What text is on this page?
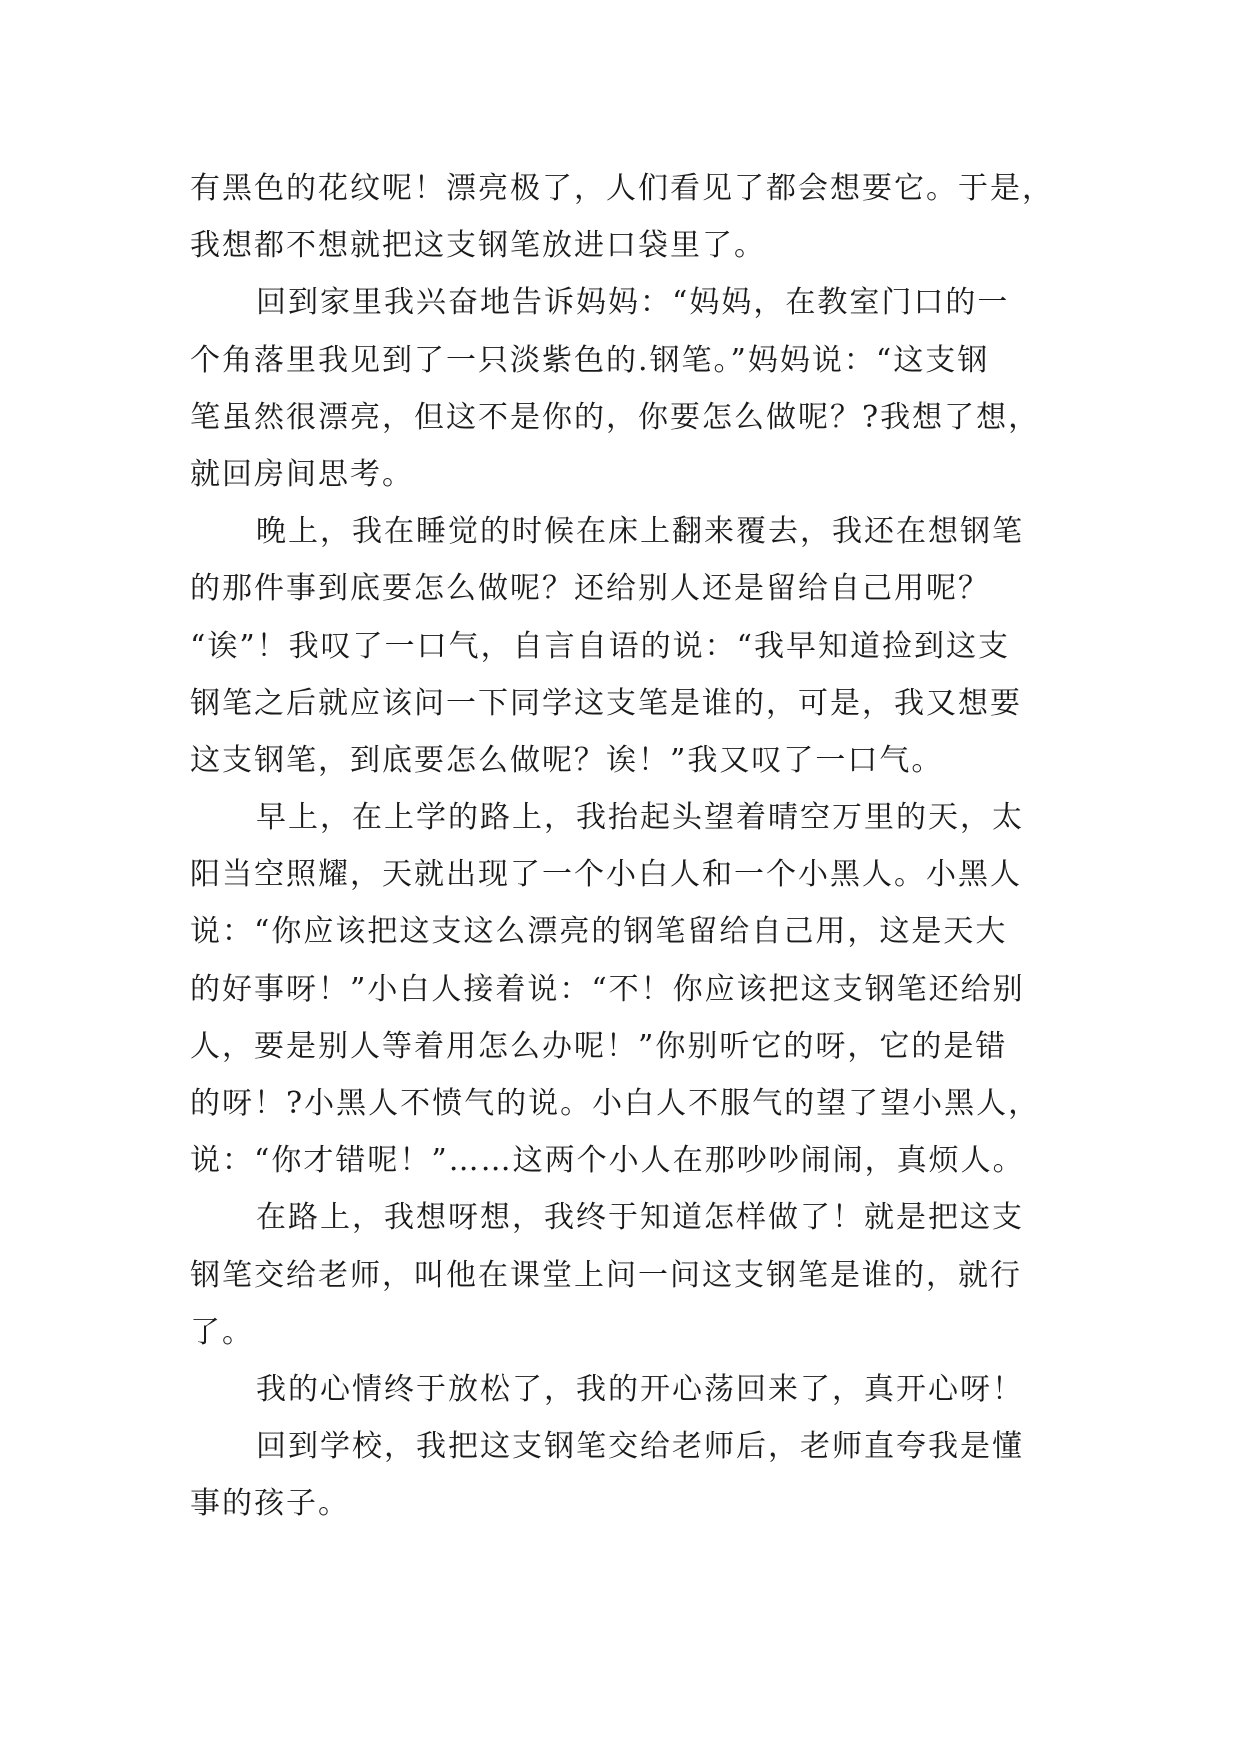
有黑色的花纹呢！漂亮极了，人们看见了都会想要它。于是，
我想都不想就把这支钢笔放进口袋里了。
回到家里我兴奋地告诉妈妈：“妈妈，在教室门口的一
个角落里我见到了一只淡紫色的.钢笔。”妈妈说：“这支钢
笔虽然很漂亮，但这不是你的，你要怎么做呢？?我想了想，
就回房间思考。
晚上，我在睡觉的时候在床上翻来覆去，我还在想钢笔
的那件事到底要怎么做呢？还给别人还是留给自己用呢？
“诶”！我叹了一口气，自言自语的说：“我早知道捡到这支
钢笔之后就应该问一下同学这支笔是谁的，可是，我又想要
这支钢笔，到底要怎么做呢？诶！”我又叹了一口气。
早上，在上学的路上，我抬起头望着晴空万里的天，太
阳当空照耀，天就出现了一个小白人和一个小黑人。小黑人
说：“你应该把这支这么漂亮的钢笔留给自己用，这是天大
的好事呀！”小白人接着说：“不！你应该把这支钢笔还给别
人，要是别人等着用怎么办呢！”你别听它的呀，它的是错
的呀！?小黑人不愤气的说。小白人不服气的望了望小黑人，
说：“你才错呢！”……这两个小人在那吵吵闹闹，真烦人。
在路上，我想呀想，我终于知道怎样做了！就是把这支
钢笔交给老师，叫他在课堂上问一问这支钢笔是谁的，就行
了。
我的心情终于放松了，我的开心荡回来了，真开心呀！
回到学校，我把这支钢笔交给老师后，老师直夸我是懂
事的孩子。
